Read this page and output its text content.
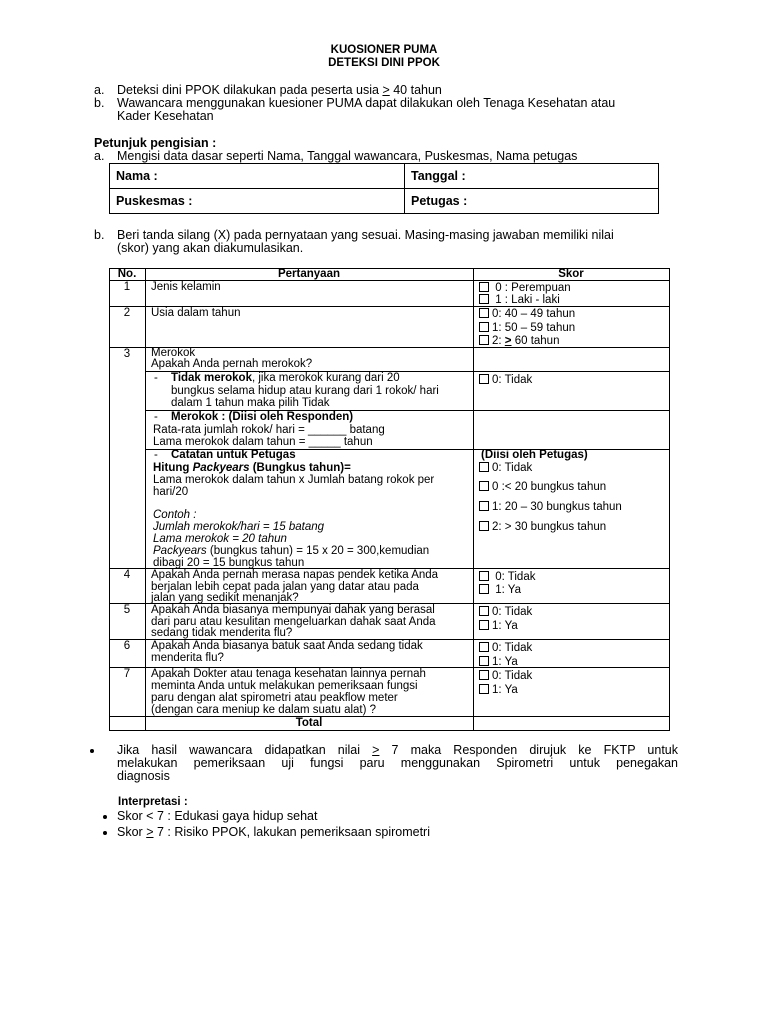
KUOSIONER PUMA
DETEKSI DINI PPOK
a. Deteksi dini PPOK dilakukan pada peserta usia > 40 tahun
b. Wawancara menggunakan kuesioner PUMA dapat dilakukan oleh Tenaga Kesehatan atau
Kader Kesehatan
Petunjuk pengisian :
a. Mengisi data dasar seperti Nama, Tanggal wawancara, Puskesmas, Nama petugas
Nama :	Tanggal :
Puskesmas :	Petugas :
b. Beri tanda silang (X) pada pernyataan yang sesuai. Masing-masing jawaban memiliki nilai
(skor) yang akan diakumulasikan.
No.	Pertanyaan	Skor
1	Jenis kelamin	0 : Perempuan
1 : Laki - laki
2	Usia dalam tahun	0: 40 – 49 tahun
1: 50 – 59 tahun
2: > 60 tahun
3	Merokok
Apakah Anda pernah merokok?
- Tidak merokok, jika merokok kurang dari 20
bungkus selama hidup atau kurang dari 1 rokok/ hari
dalam 1 tahun maka pilih Tidak
0: Tidak
- Merokok : (Diisi oleh Responden)
Rata-rata jumlah rokok/ hari = ______ batang
Lama merokok dalam tahun = _____ tahun
- Catatan untuk Petugas
Hitung Packyears (Bungkus tahun)=
Lama merokok dalam tahun x Jumlah batang rokok per
hari/20
Contoh :
Jumlah merokok/hari = 15 batang
Lama merokok = 20 tahun
Packyears (bungkus tahun) = 15 x 20 = 300,kemudian
dibagi 20 = 15 bungkus tahun
(Diisi oleh Petugas)
0: Tidak
0 :< 20 bungkus tahun
1: 20 – 30 bungkus tahun
2: > 30 bungkus tahun
4	Apakah Anda pernah merasa napas pendek ketika Anda
berjalan lebih cepat pada jalan yang datar atau pada
jalan yang sedikit menanjak?
0: Tidak
1: Ya
5	Apakah Anda biasanya mempunyai dahak yang berasal
dari paru atau kesulitan mengeluarkan dahak saat Anda
sedang tidak menderita flu?
0: Tidak
1: Ya
6	Apakah Anda biasanya batuk saat Anda sedang tidak
menderita flu?
0: Tidak
1: Ya
7	Apakah Dokter atau tenaga kesehatan lainnya pernah
meminta Anda untuk melakukan pemeriksaan fungsi
paru dengan alat spirometri atau peakflow meter
(dengan cara meniup ke dalam suatu alat) ?
0: Tidak
1: Ya
Total
Jika hasil wawancara didapatkan nilai > 7 maka Responden dirujuk ke FKTP untuk
melakukan pemeriksaan uji fungsi paru menggunakan Spirometri untuk penegakan
diagnosis
Interpretasi :
Skor < 7 : Edukasi gaya hidup sehat
Skor > 7 : Risiko PPOK, lakukan pemeriksaan spirometri
